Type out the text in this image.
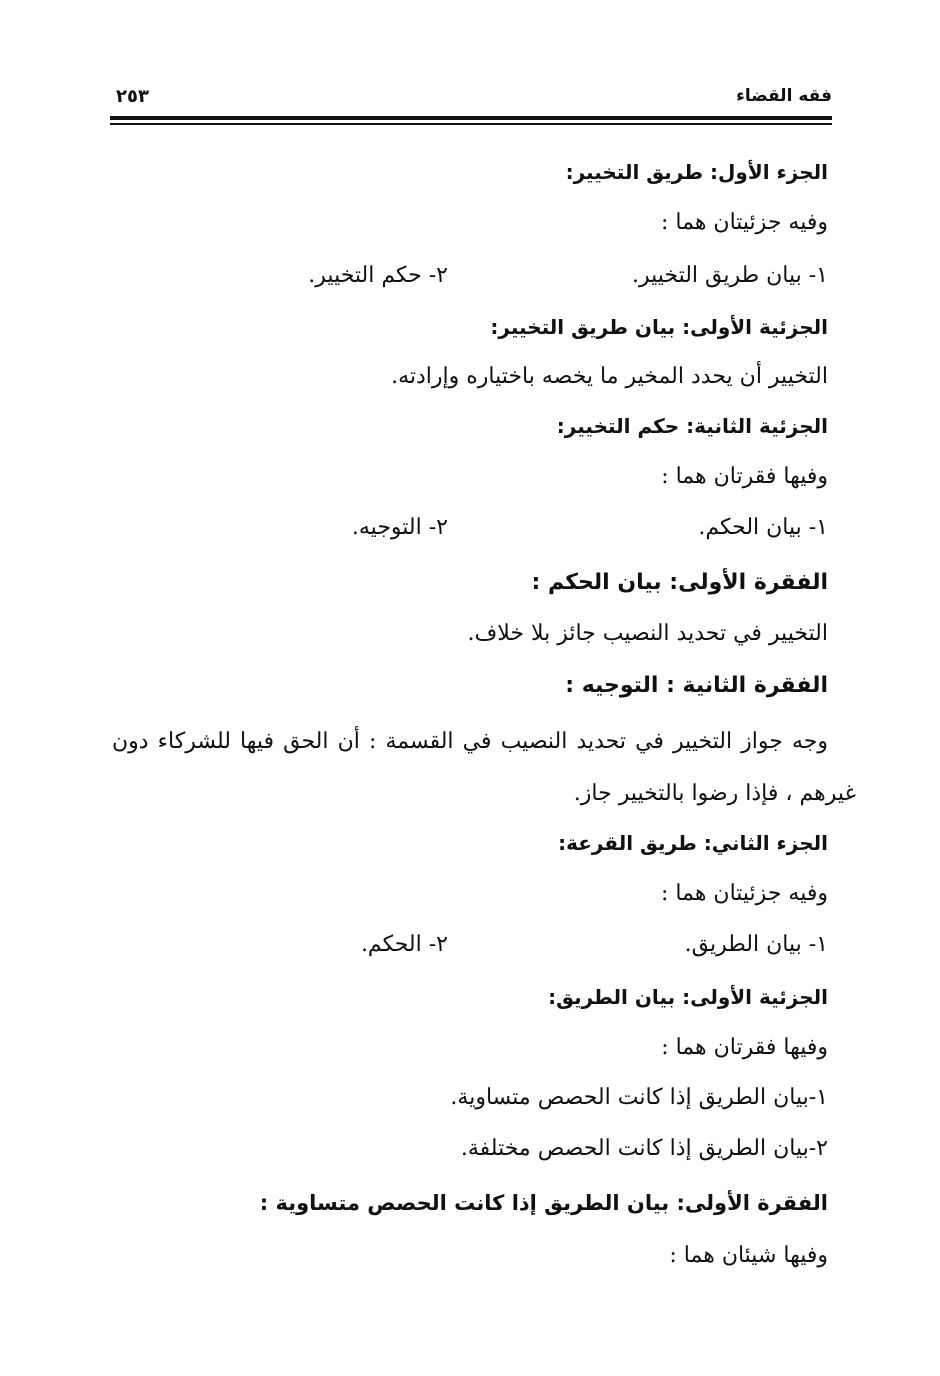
فقه القضاء
٢٥٣
الجزء الأول: طريق التخيير:
وفيه جزئيتان هما :
١- بيان طريق التخيير.
٢- حكم التخيير.
الجزئية الأولى: بيان طريق التخيير:
التخيير أن يحدد المخير ما يخصه باختياره وإرادته.
الجزئية الثانية: حكم التخيير:
وفيها فقرتان هما :
١- بيان الحكم.
٢- التوجيه.
الفقرة الأولى: بيان الحكم :
التخيير في تحديد النصيب جائز بلا خلاف.
الفقرة الثانية : التوجيه :
وجه جواز التخيير في تحديد النصيب في القسمة : أن الحق فيها للشركاء دون
غيرهم ، فإذا رضوا بالتخيير جاز.
الجزء الثاني: طريق القرعة:
وفيه جزئيتان هما :
١- بيان الطريق.
٢- الحكم.
الجزئية الأولى: بيان الطريق:
وفيها فقرتان هما :
١-بيان الطريق إذا كانت الحصص متساوية.
٢-بيان الطريق إذا كانت الحصص مختلفة.
الفقرة الأولى: بيان الطريق إذا كانت الحصص متساوية :
وفيها شيئان هما :
